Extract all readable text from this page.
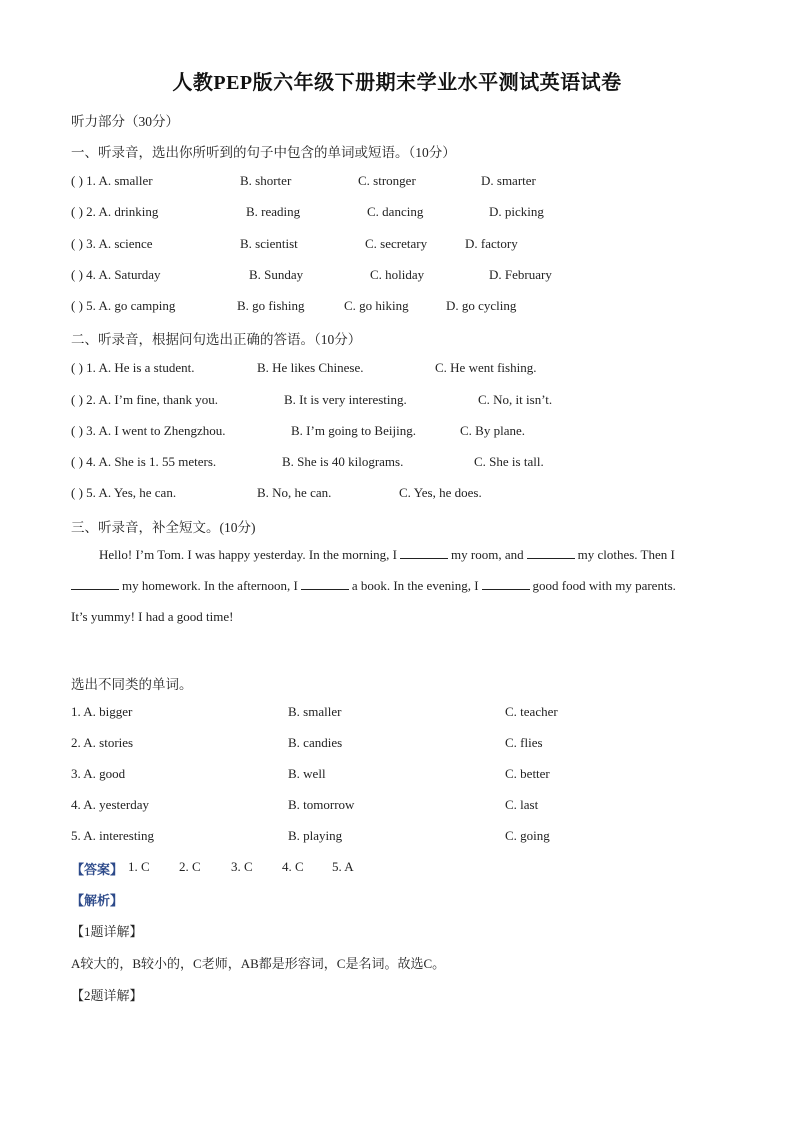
人教PEP版六年级下册期末学业水平测试英语试卷
听力部分（30分）
一、听录音，选出你所听到的句子中包含的单词或短语。（10分）
( ) 1. A. smaller	B. shorter	C. stronger	D. smarter
( ) 2. A. drinking	B. reading	C. dancing	D. picking
( ) 3. A. science	B. scientist	C. secretary	D. factory
( ) 4. A. Saturday	B. Sunday	C. holiday	D. February
( ) 5. A. go camping	B. go fishing	C. go hiking	D. go cycling
二、听录音，根据问句选出正确的答语。（10分）
( ) 1. A. He is a student.	B. He likes Chinese.	C. He went fishing.
( ) 2. A. I’m fine, thank you.	B. It is very interesting.	C. No, it isn’t.
( ) 3. A. I went to Zhengzhou.	B. I’m going to Beijing.	C. By plane.
( ) 4. A. She is 1. 55 meters.	B. She is 40 kilograms.	C. She is tall.
( ) 5. A. Yes, he can.	B. No, he can.	C. Yes, he does.
三、听录音，补全短文。(10分)
Hello! I’m Tom. I was happy yesterday. In the morning, I	my room, and	my clothes. Then I
my homework. In the afternoon, I	a book. In the evening, I	good food with my parents.
It’s yummy! I had a good time!
选出不同类的单词。
1. A. bigger	B. smaller	C. teacher
2. A. stories	B. candies	C. flies
3. A. good	B. well	C. better
4. A. yesterday	B. tomorrow	C. last
5. A. interesting	B. playing	C. going
【答案】 1. C 2. C 3. C 4. C 5. A
【解析】
【1题详解】
A较大的，B较小的，C老师，AB都是形容词，C是名词。故选C。
【2题详解】
